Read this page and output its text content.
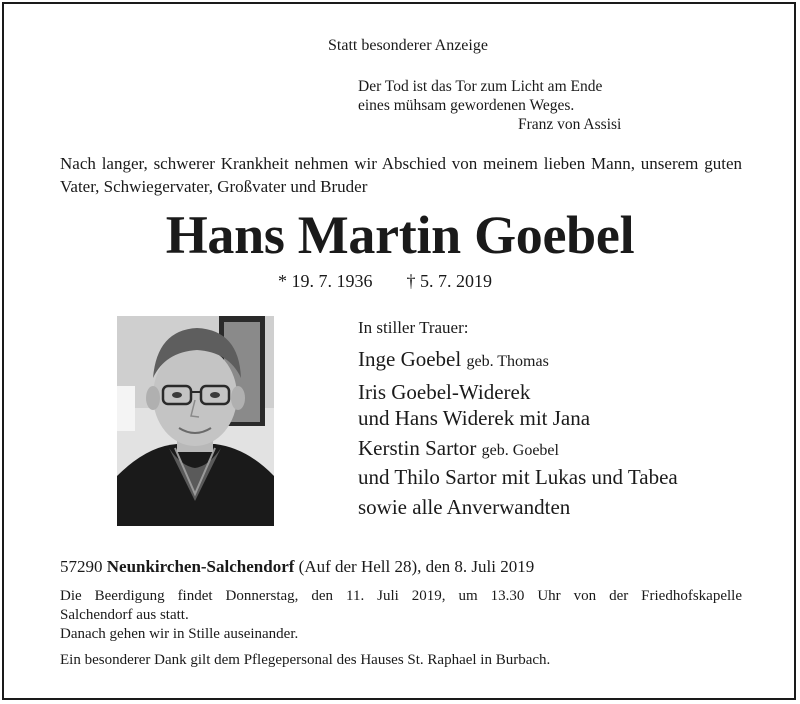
Statt besonderer Anzeige
Der Tod ist das Tor zum Licht am Ende
eines mühsam gewordenen Weges.
Franz von Assisi
Nach langer, schwerer Krankheit nehmen wir Abschied von meinem lieben Mann, unserem guten Vater, Schwiegervater, Großvater und Bruder
Hans Martin Goebel
* 19. 7. 1936 † 5. 7. 2019
In stiller Trauer:
Inge Goebel geb. Thomas
Iris Goebel-Widerek
und Hans Widerek mit Jana
Kerstin Sartor geb. Goebel
und Thilo Sartor mit Lukas und Tabea
sowie alle Anverwandten
57290 Neunkirchen-Salchendorf (Auf der Hell 28), den 8. Juli 2019

Die Beerdigung findet Donnerstag, den 11. Juli 2019, um 13.30 Uhr von der Friedhofskapelle

Salchendorf aus statt.

Danach gehen wir in Stille auseinander.

Ein besonderer Dank gilt dem Pflegepersonal des Hauses St. Raphael in Burbach.
